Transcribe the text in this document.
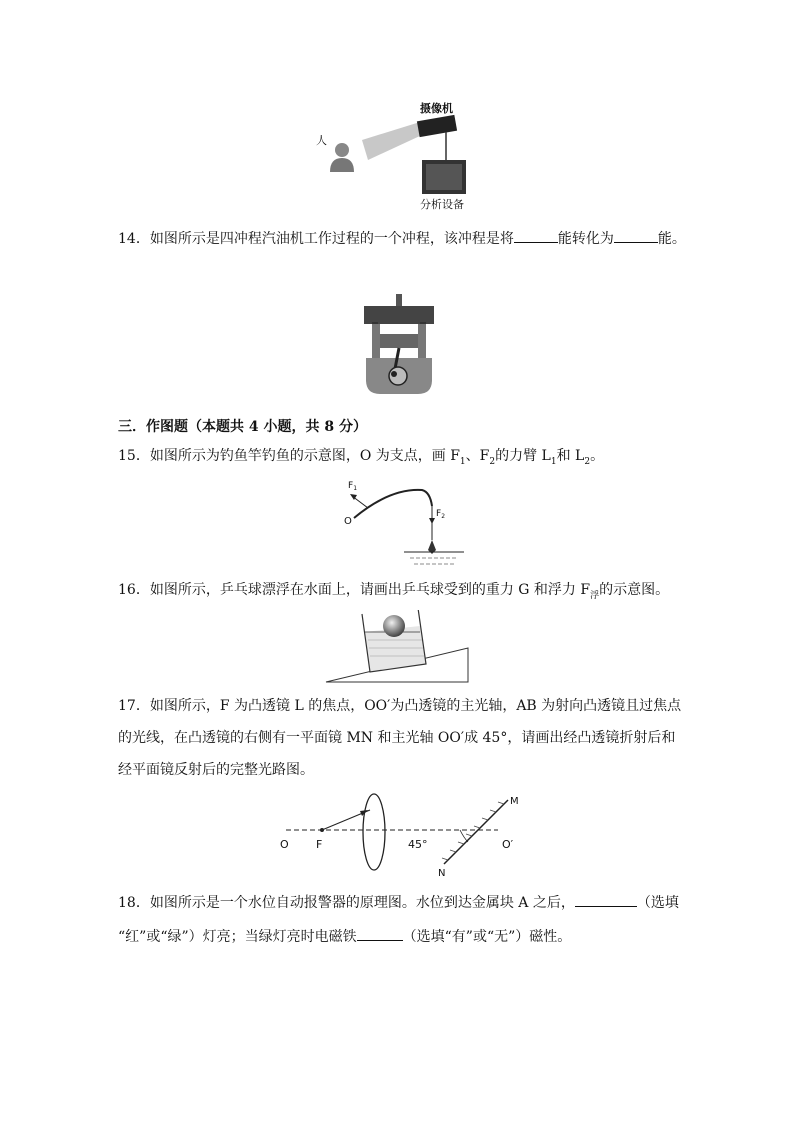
摄像机
人
分析设备
14．如图所示是四冲程汽油机工作过程的一个冲程，该冲程是将	能转化为	能。
三．作图题（本题共 4 小题，共 8 分）
15．如图所示为钓鱼竿钓鱼的示意图，O 为支点，画 $F_1$、$F_2$的力臂 $L_1$和 $L_2$。
O
$F_1$
$F_2$
16．如图所示，乒乓球漂浮在水面上，请画出乒乓球受到的重力 G 和浮力 $F_浮$的示意图。
17．如图所示，F 为凸透镜 L 的焦点，OO′为凸透镜的主光轴，AB 为射向凸透镜且过焦点
的光线，在凸透镜的右侧有一平面镜 MN 和主光轴 OO′成 45°，请画出经凸透镜折射后和
经平面镜反射后的完整光路图。
O F	45°	O′
M
N
18．如图所示是一个水位自动报警器的原理图。水位到达金属块 A 之后，	（选填
“红”或“绿”）灯亮；当绿灯亮时电磁铁	（选填“有”或“无”）磁性。
